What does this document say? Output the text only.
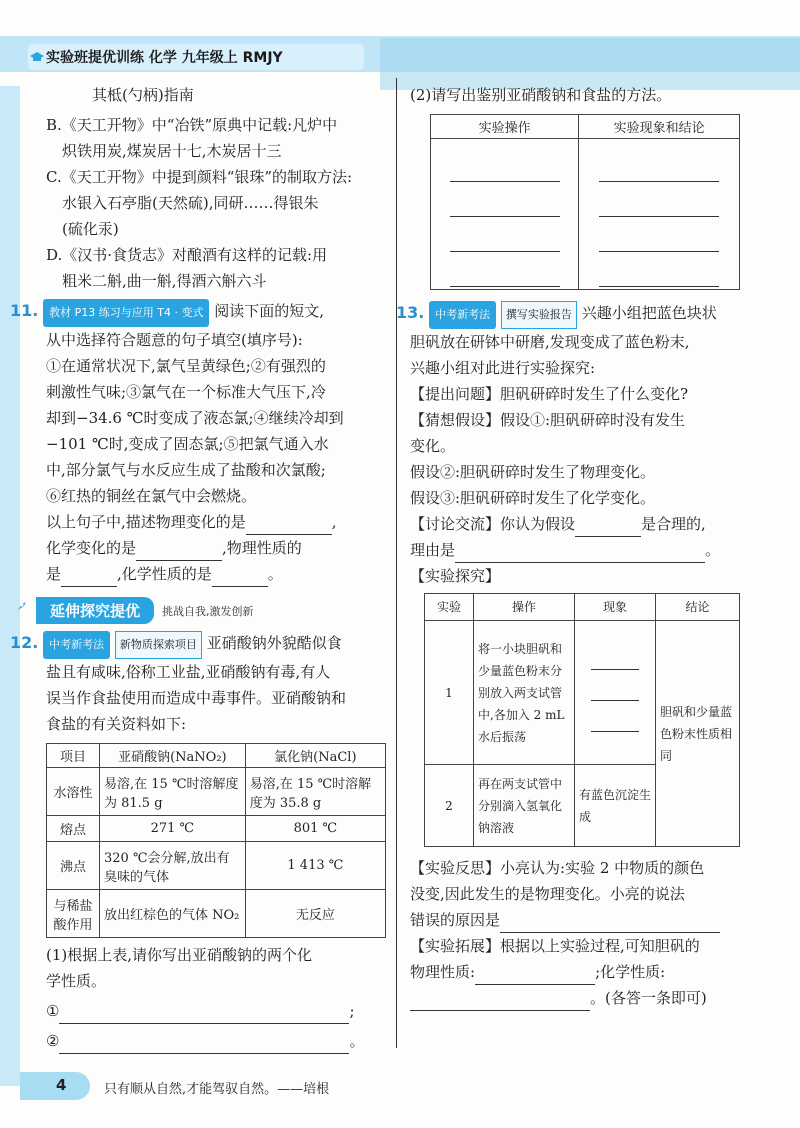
实验班提优训练 化学 九年级上 RMJY

其柢(勺柄)指南

B.《天工开物》中“冶铁”原典中记载:凡炉中

炽铁用炭,煤炭居十七,木炭居十三

C.《天工开物》中提到颜料“银珠”的制取方法:

水银入石亭脂(天然硫),同研……得银朱

(硫化汞)

D.《汉书·食货志》对酿酒有这样的记载:用

粗米二斛,曲一斛,得酒六斛六斗

11. 教材 P13 练习与应用 T4 · 变式 阅读下面的短文,

从中选择符合题意的句子填空(填序号):

①在通常状况下,氯气呈黄绿色;②有强烈的

刺激性气味;③氯气在一个标准大气压下,冷

却到−34.6 ℃时变成了液态氯;④继续冷却到

−101 ℃时,变成了固态氯;⑤把氯气通入水

中,部分氯气与水反应生成了盐酸和次氯酸;

⑥红热的铜丝在氯气中会燃烧。

以上句子中,描述物理变化的是	,

化学变化的是	,物理性质的

是	,化学性质的是	。

延伸探究提优	挑战自我,激发创新

12. 中考新考法 新物质探索项目 亚硝酸钠外貌酷似食

盐且有咸味,俗称工业盐,亚硝酸钠有毒,有人

误当作食盐使用而造成中毒事件。亚硝酸钠和

食盐的有关资料如下:

项目	亚硝酸钠(NaNO₂)	氯化钠(NaCl)
水溶性	易溶,在 15 ℃时溶解度为 81.5 g	易溶,在 15 ℃时溶解度为 35.8 g
熔点	271 ℃	801 ℃
沸点	320 ℃会分解,放出有臭味的气体	1 413 ℃
与稀盐酸作用	放出红棕色的气体 NO₂	无反应

(1)根据上表,请你写出亚硝酸钠的两个化

学性质。

①	;

②	。

(2)请写出鉴别亚硝酸钠和食盐的方法。

实验操作	实验现象和结论

13. 中考新考法 撰写实验报告 兴趣小组把蓝色块状

胆矾放在研钵中研磨,发现变成了蓝色粉末,

兴趣小组对此进行实验探究:

【提出问题】胆矾研碎时发生了什么变化?

【猜想假设】假设①:胆矾研碎时没有发生

变化。

假设②:胆矾研碎时发生了物理变化。

假设③:胆矾研碎时发生了化学变化。

【讨论交流】你认为假设	是合理的,

理由是	。

【实验探究】

实验	操作	现象	结论
1	将一小块胆矾和少量蓝色粉末分别放入两支试管中,各加入 2 mL 水后振荡		胆矾和少量蓝色粉末性质相同
2	再在两支试管中分别滴入氢氧化钠溶液	有蓝色沉淀生成	

【实验反思】小亮认为:实验 2 中物质的颜色

没变,因此发生的是物理变化。小亮的说法

错误的原因是

【实验拓展】根据以上实验过程,可知胆矾的

物理性质:	;化学性质:

。(各答一条即可)

4	只有顺从自然,才能驾驭自然。——培根
